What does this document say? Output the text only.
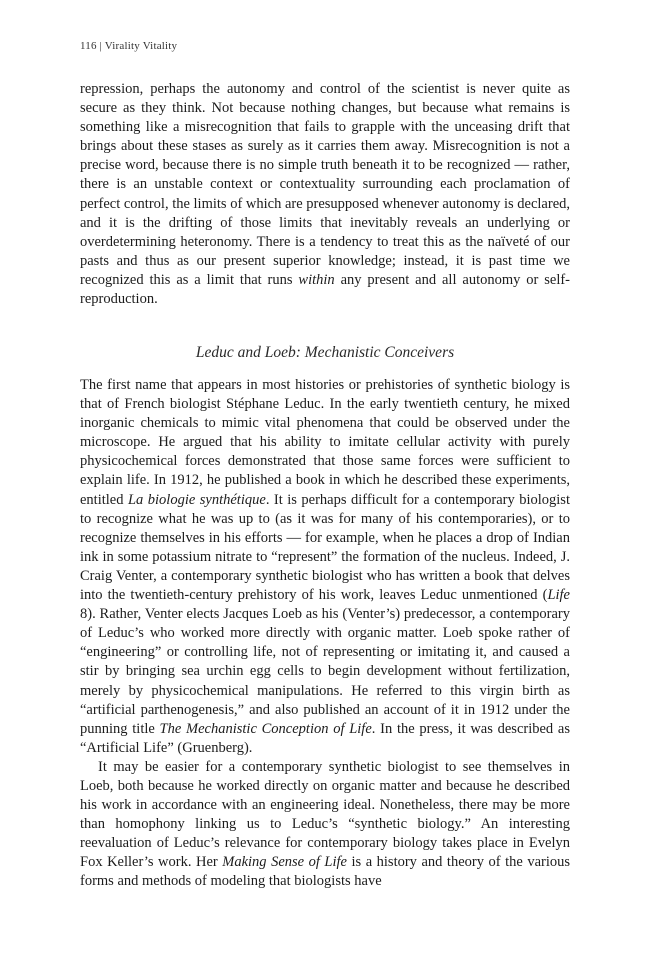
116 | Virality Vitality

repression, perhaps the autonomy and control of the scientist is never quite as secure as they think. Not because nothing changes, but because what remains is something like a misrecognition that fails to grapple with the unceasing drift that brings about these stases as surely as it carries them away. Misrecognition is not a precise word, because there is no simple truth beneath it to be recognized — rather, there is an unstable context or contextuality surrounding each proclamation of perfect control, the limits of which are presupposed whenever autonomy is declared, and it is the drifting of those limits that inevitably reveals an underlying or overdetermining heteronomy. There is a tendency to treat this as the naïveté of our pasts and thus as our present superior knowledge; instead, it is past time we recognized this as a limit that runs within any present and all autonomy or self-reproduction.

Leduc and Loeb: Mechanistic Conceivers

The first name that appears in most histories or prehistories of synthetic biology is that of French biologist Stéphane Leduc. In the early twentieth century, he mixed inorganic chemicals to mimic vital phenomena that could be observed under the microscope. He argued that his ability to imitate cellular activity with purely physicochemical forces demonstrated that those same forces were sufficient to explain life. In 1912, he published a book in which he described these experiments, entitled La biologie synthétique. It is perhaps difficult for a contemporary biologist to recognize what he was up to (as it was for many of his contemporaries), or to recognize themselves in his efforts — for example, when he places a drop of Indian ink in some potassium nitrate to “represent” the formation of the nucleus. Indeed, J. Craig Venter, a contemporary synthetic biologist who has written a book that delves into the twentieth-century prehistory of his work, leaves Leduc unmentioned (Life 8). Rather, Venter elects Jacques Loeb as his (Venter’s) predecessor, a contemporary of Leduc’s who worked more directly with organic matter. Loeb spoke rather of “engineering” or controlling life, not of representing or imitating it, and caused a stir by bringing sea urchin egg cells to begin development without fertilization, merely by physicochemical manipulations. He referred to this virgin birth as “artificial parthenogenesis,” and also published an account of it in 1912 under the punning title The Mechanistic Conception of Life. In the press, it was described as “Artificial Life” (Gruenberg).

It may be easier for a contemporary synthetic biologist to see themselves in Loeb, both because he worked directly on organic matter and because he described his work in accordance with an engineering ideal. Nonetheless, there may be more than homophony linking us to Leduc’s “synthetic biology.” An interesting reevaluation of Leduc’s relevance for contemporary biology takes place in Evelyn Fox Keller’s work. Her Making Sense of Life is a history and theory of the various forms and methods of modeling that biologists have
